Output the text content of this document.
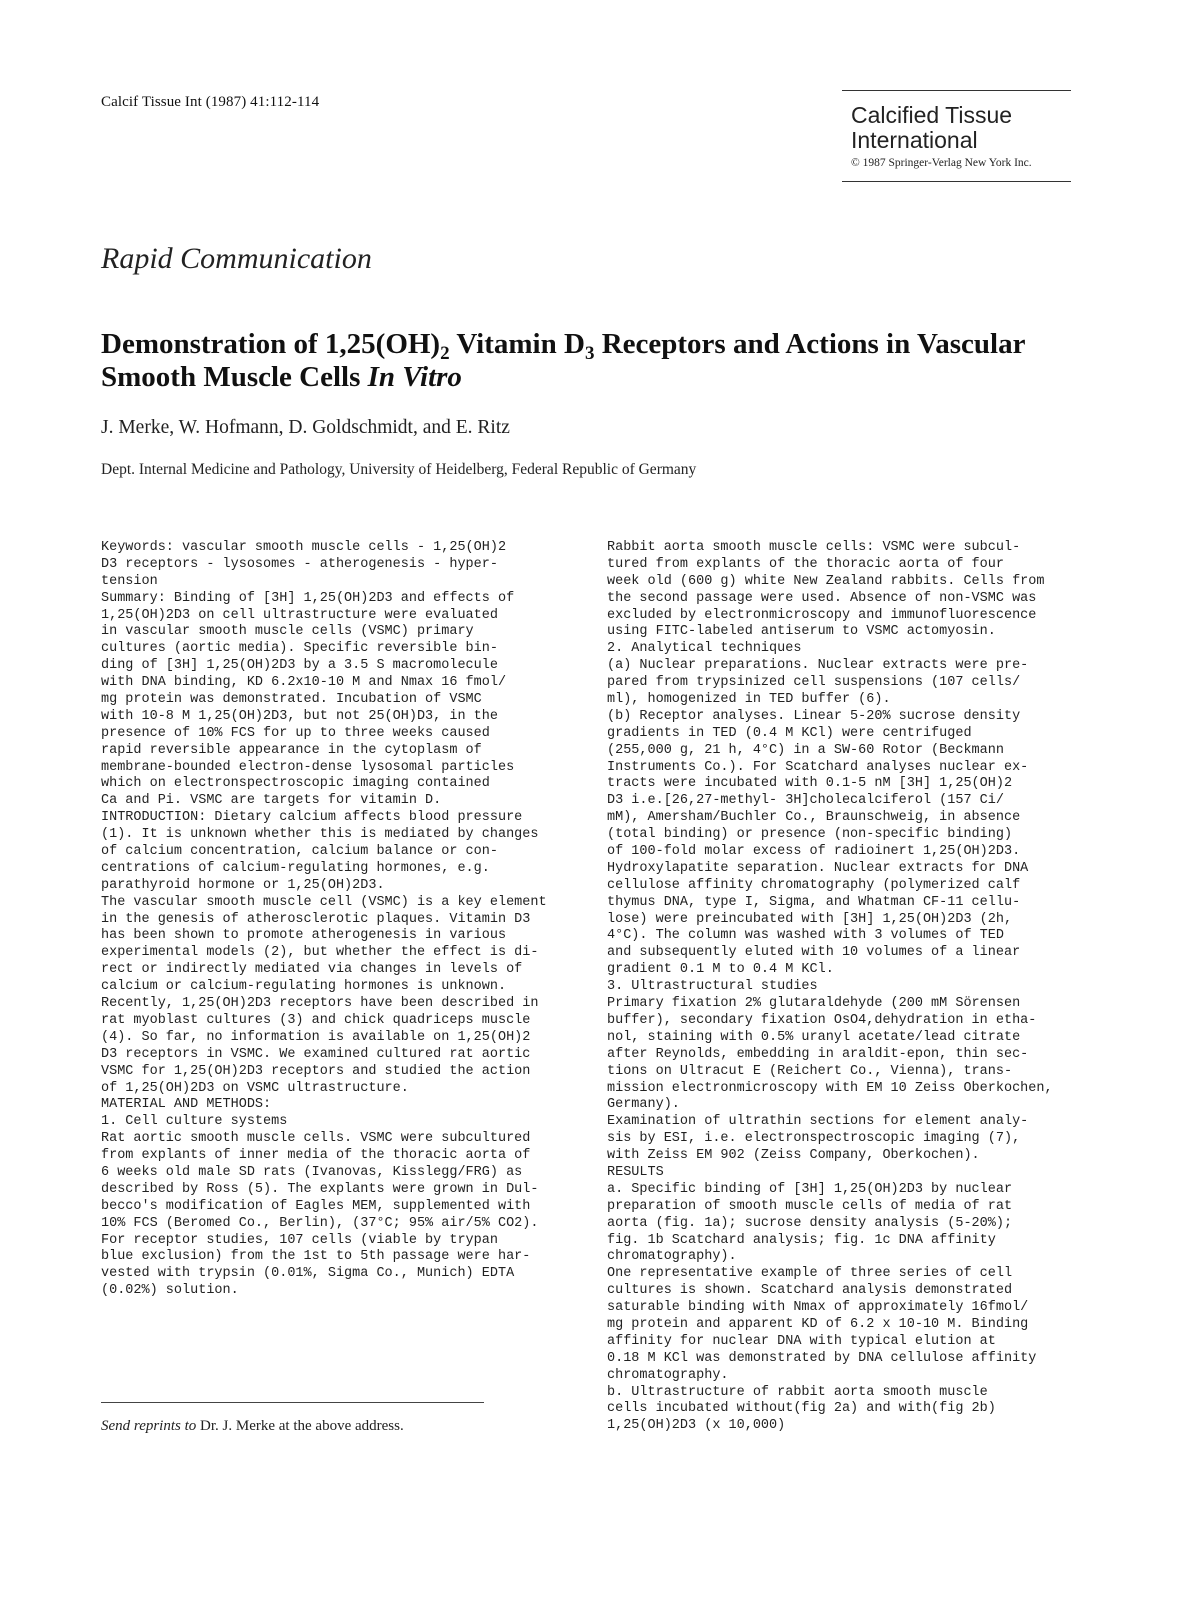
Calcif Tissue Int (1987) 41:112-114	Calcified Tissue
International
© 1987 Springer-Verlag New York Inc.
Rapid Communication
Demonstration of $1,25(OH)_2$ Vitamin $D_3$ Receptors and Actions in Vascular
Smooth Muscle Cells In Vitro
J. Merke, W. Hofmann, D. Goldschmidt, and E. Ritz
Dept. Internal Medicine and Pathology, University of Heidelberg, Federal Republic of Germany
Keywords: vascular smooth muscle cells - 1,25(OH)2
D3 receptors - lysosomes - atherogenesis - hyper-
tension
Summary: Binding of [3H] 1,25(OH)2D3 and effects of
1,25(OH)2D3 on cell ultrastructure were evaluated
in vascular smooth muscle cells (VSMC) primary
cultures (aortic media). Specific reversible bin-
ding of [3H] 1,25(OH)2D3 by a 3.5 S macromolecule
with DNA binding, KD 6.2x10-10 M and Nmax 16 fmol/
mg protein was demonstrated. Incubation of VSMC
with 10-8 M 1,25(OH)2D3, but not 25(OH)D3, in the
presence of 10% FCS for up to three weeks caused
rapid reversible appearance in the cytoplasm of
membrane-bounded electron-dense lysosomal particles
which on electronspectroscopic imaging contained
Ca and Pi. VSMC are targets for vitamin D.
INTRODUCTION: Dietary calcium affects blood pressure
(1). It is unknown whether this is mediated by changes
of calcium concentration, calcium balance or con-
centrations of calcium-regulating hormones, e.g.
parathyroid hormone or 1,25(OH)2D3.
The vascular smooth muscle cell (VSMC) is a key element
in the genesis of atherosclerotic plaques. Vitamin D3
has been shown to promote atherogenesis in various
experimental models (2), but whether the effect is di-
rect or indirectly mediated via changes in levels of
calcium or calcium-regulating hormones is unknown.
Recently, 1,25(OH)2D3 receptors have been described in
rat myoblast cultures (3) and chick quadriceps muscle
(4). So far, no information is available on 1,25(OH)2
D3 receptors in VSMC. We examined cultured rat aortic
VSMC for 1,25(OH)2D3 receptors and studied the action
of 1,25(OH)2D3 on VSMC ultrastructure.
MATERIAL AND METHODS:
1. Cell culture systems
Rat aortic smooth muscle cells. VSMC were subcultured
from explants of inner media of the thoracic aorta of
6 weeks old male SD rats (Ivanovas, Kisslegg/FRG) as
described by Ross (5). The explants were grown in Dul-
becco's modification of Eagles MEM, supplemented with
10% FCS (Beromed Co., Berlin), (37°C; 95% air/5% CO2).
For receptor studies, 107 cells (viable by trypan
blue exclusion) from the 1st to 5th passage were har-
vested with trypsin (0.01%, Sigma Co., Munich) EDTA
(0.02%) solution.
Rabbit aorta smooth muscle cells: VSMC were subcul-
tured from explants of the thoracic aorta of four
week old (600 g) white New Zealand rabbits. Cells from
the second passage were used. Absence of non-VSMC was
excluded by electronmicroscopy and immunofluorescence
using FITC-labeled antiserum to VSMC actomyosin.
2. Analytical techniques
(a) Nuclear preparations. Nuclear extracts were pre-
pared from trypsinized cell suspensions (107 cells/
ml), homogenized in TED buffer (6).
(b) Receptor analyses. Linear 5-20% sucrose density
gradients in TED (0.4 M KCl) were centrifuged
(255,000 g, 21 h, 4°C) in a SW-60 Rotor (Beckmann
Instruments Co.). For Scatchard analyses nuclear ex-
tracts were incubated with 0.1-5 nM [3H] 1,25(OH)2
D3 i.e.[26,27-methyl- 3H]cholecalciferol (157 Ci/
mM), Amersham/Buchler Co., Braunschweig, in absence
(total binding) or presence (non-specific binding)
of 100-fold molar excess of radioinert 1,25(OH)2D3.
Hydroxylapatite separation. Nuclear extracts for DNA
cellulose affinity chromatography (polymerized calf
thymus DNA, type I, Sigma, and Whatman CF-11 cellu-
lose) were preincubated with [3H] 1,25(OH)2D3 (2h,
4°C). The column was washed with 3 volumes of TED
and subsequently eluted with 10 volumes of a linear
gradient 0.1 M to 0.4 M KCl.
3. Ultrastructural studies
Primary fixation 2% glutaraldehyde (200 mM Sörensen
buffer), secondary fixation OsO4,dehydration in etha-
nol, staining with 0.5% uranyl acetate/lead citrate
after Reynolds, embedding in araldit-epon, thin sec-
tions on Ultracut E (Reichert Co., Vienna), trans-
mission electronmicroscopy with EM 10 Zeiss Oberkochen,
Germany).
Examination of ultrathin sections for element analy-
sis by ESI, i.e. electronspectroscopic imaging (7),
with Zeiss EM 902 (Zeiss Company, Oberkochen).
RESULTS
a. Specific binding of [3H] 1,25(OH)2D3 by nuclear
preparation of smooth muscle cells of media of rat
aorta (fig. 1a); sucrose density analysis (5-20%);
fig. 1b Scatchard analysis; fig. 1c DNA affinity
chromatography).
One representative example of three series of cell
cultures is shown. Scatchard analysis demonstrated
saturable binding with Nmax of approximately 16fmol/
mg protein and apparent KD of 6.2 x 10-10 M. Binding
affinity for nuclear DNA with typical elution at
0.18 M KCl was demonstrated by DNA cellulose affinity
chromatography.
b. Ultrastructure of rabbit aorta smooth muscle
cells incubated without(fig 2a) and with(fig 2b)
1,25(OH)2D3 (x 10,000)
Send reprints to Dr. J. Merke at the above address.
